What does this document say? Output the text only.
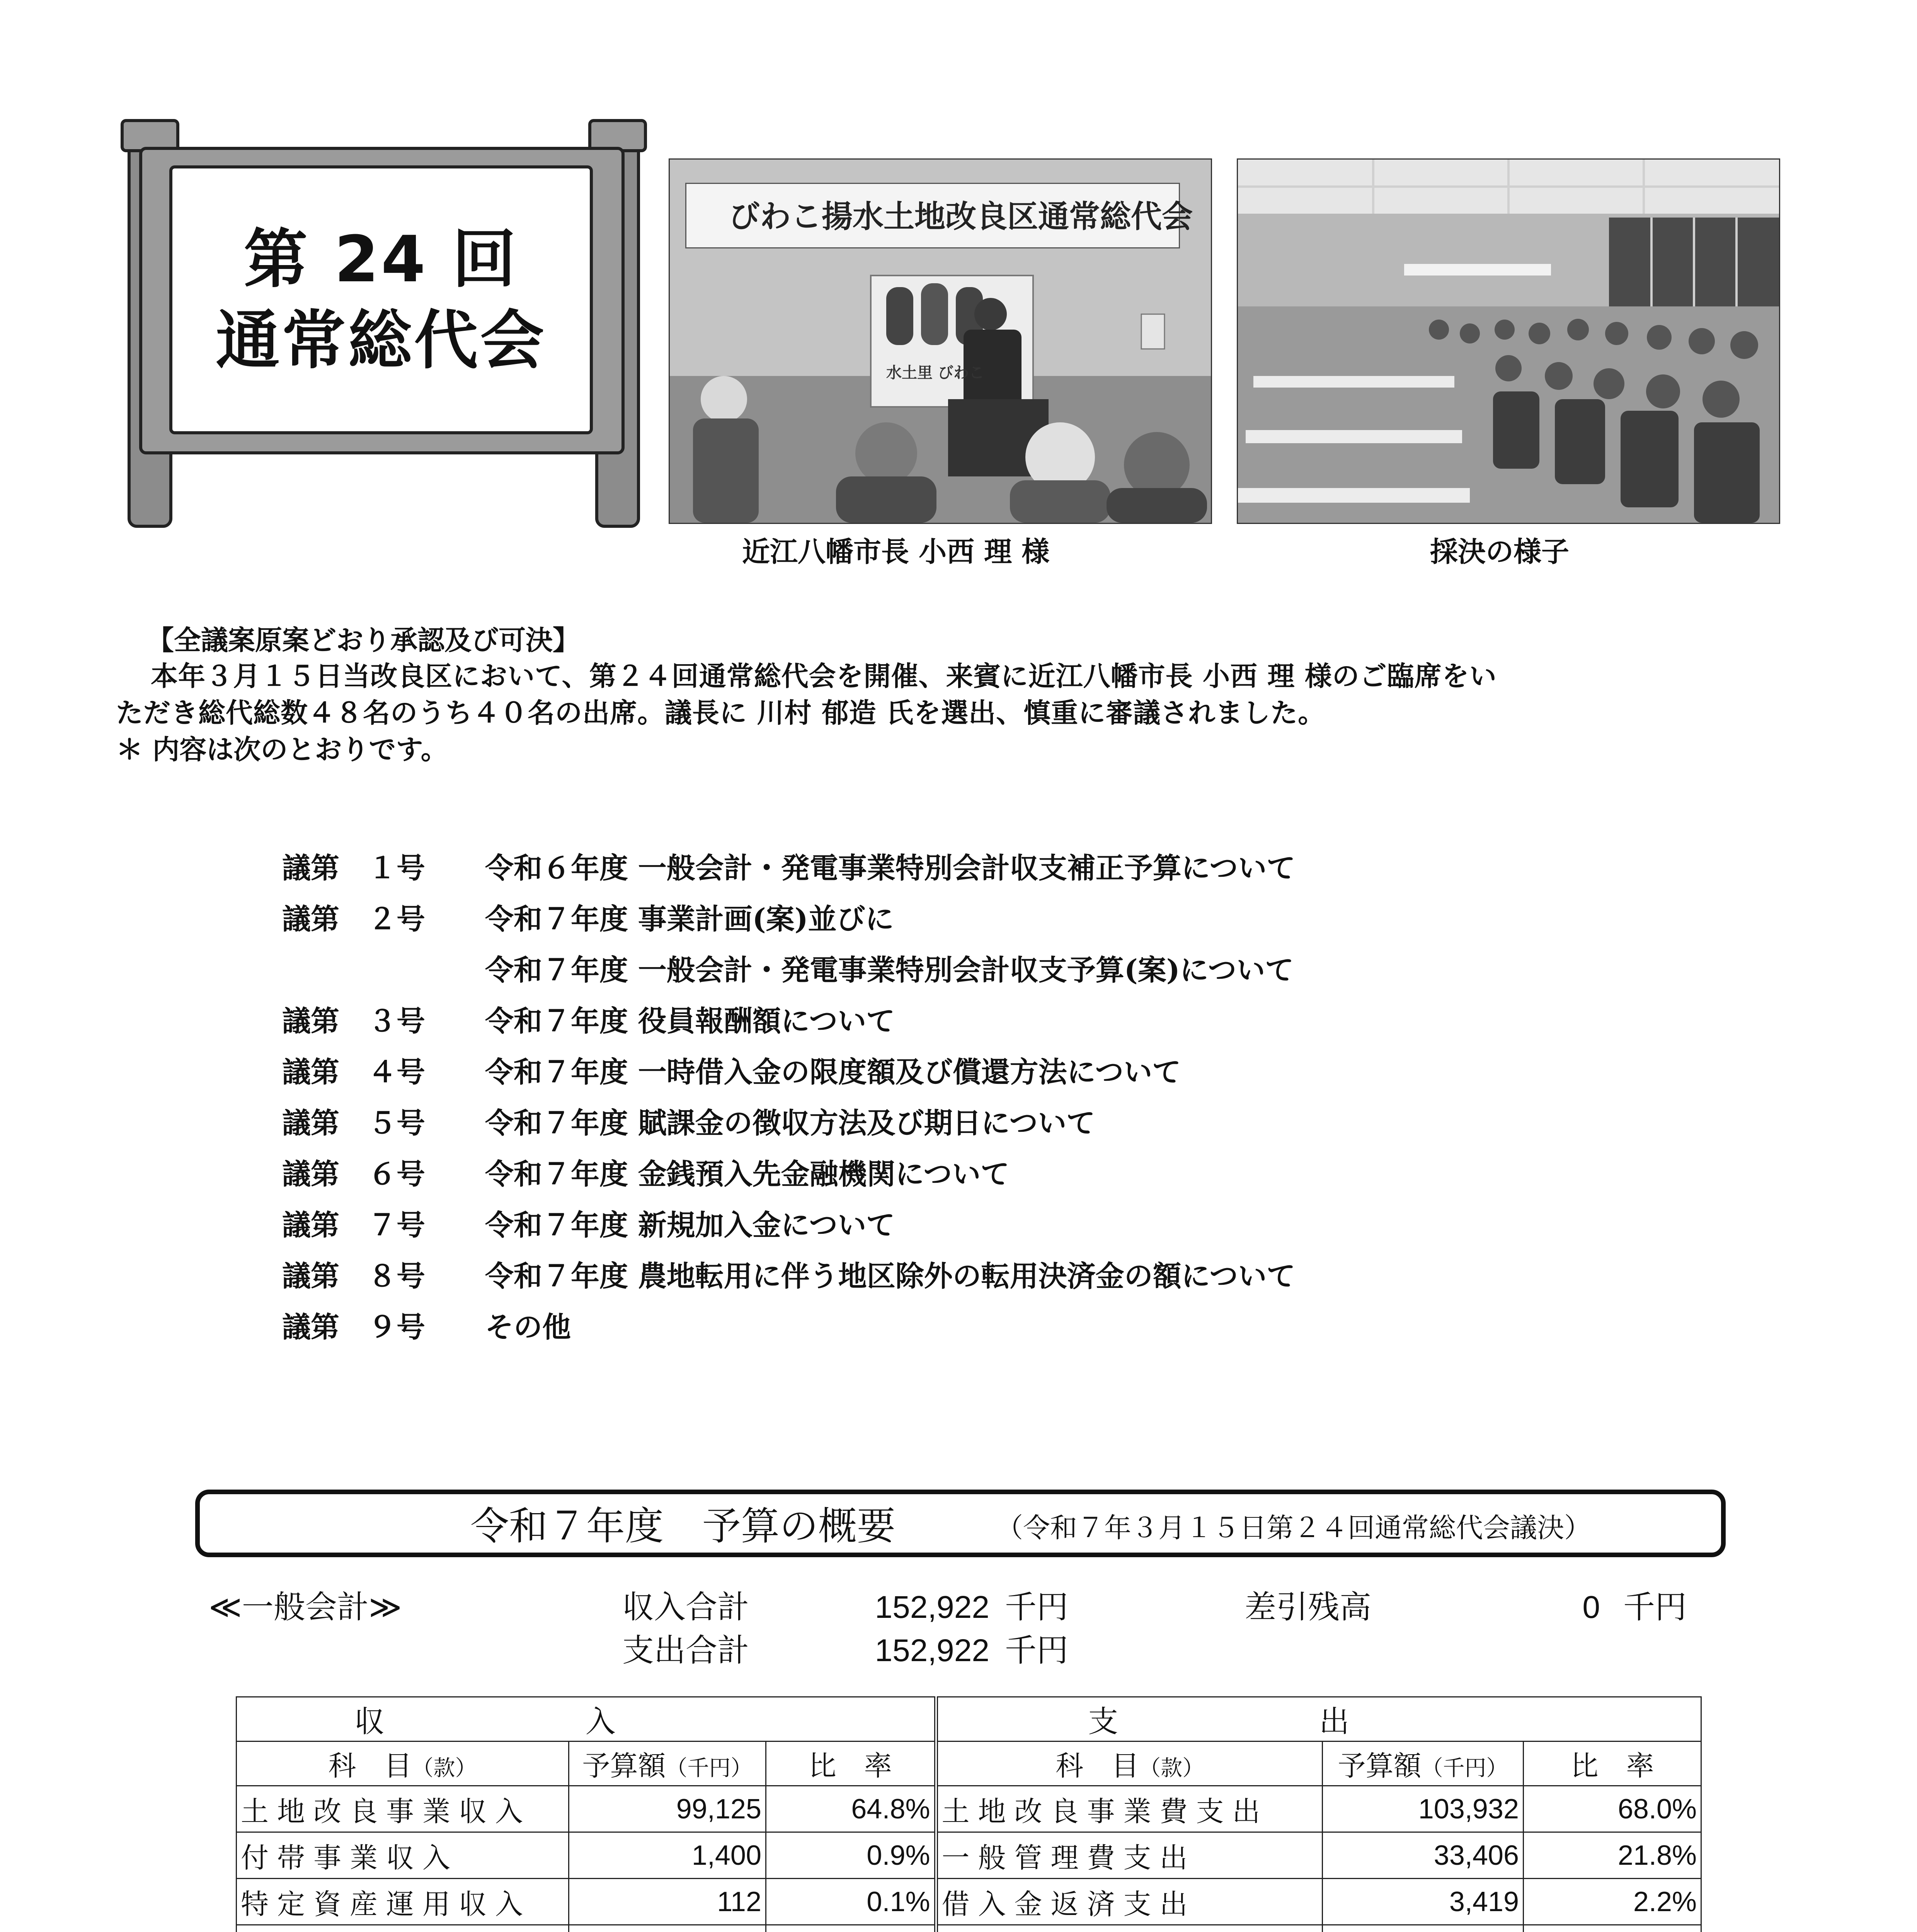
第 24 回
通常総代会
びわこ揚水土地改良区通常総代会
水土里 びわこ
近江八幡市長 小西 理 様	採決の様子
【全議案原案どおり承認及び可決】
本年３月１５日当改良区において、第２４回通常総代会を開催、来賓に近江八幡市長 小西 理 様のご臨席をい
ただき総代総数４８名のうち４０名の出席。議長に 川村 郁造 氏を選出、慎重に審議されました。
＊ 内容は次のとおりです。
議第　１号	令和６年度 一般会計・発電事業特別会計収支補正予算について
議第　２号	令和７年度 事業計画(案)並びに
令和７年度 一般会計・発電事業特別会計収支予算(案)について
議第　３号	令和７年度 役員報酬額について
議第　４号	令和７年度 一時借入金の限度額及び償還方法について
議第　５号	令和７年度 賦課金の徴収方法及び期日について
議第　６号	令和７年度 金銭預入先金融機関について
議第　７号	令和７年度 新規加入金について
議第　８号	令和７年度 農地転用に伴う地区除外の転用決済金の額について
議第　９号	その他
令和７年度　予算の概要	（令和７年３月１５日第２４回通常総代会議決）
≪一般会計≫	収入合計	152,922 千円	差引残高	0 千円
支出合計	152,922 千円
収入			支出		
科　目（款）	予算額（千円）	比　率	科　目（款）	予算額（千円）	比　率
土地改良事業収入	99,125	64.8%	土地改良事業費支出	103,932	68.0%
付帯事業収入	1,400	0.9%	一般管理費支出	33,406	21.8%
特定資産運用収入	112	0.1%	借入金返済支出	3,419	2.2%
